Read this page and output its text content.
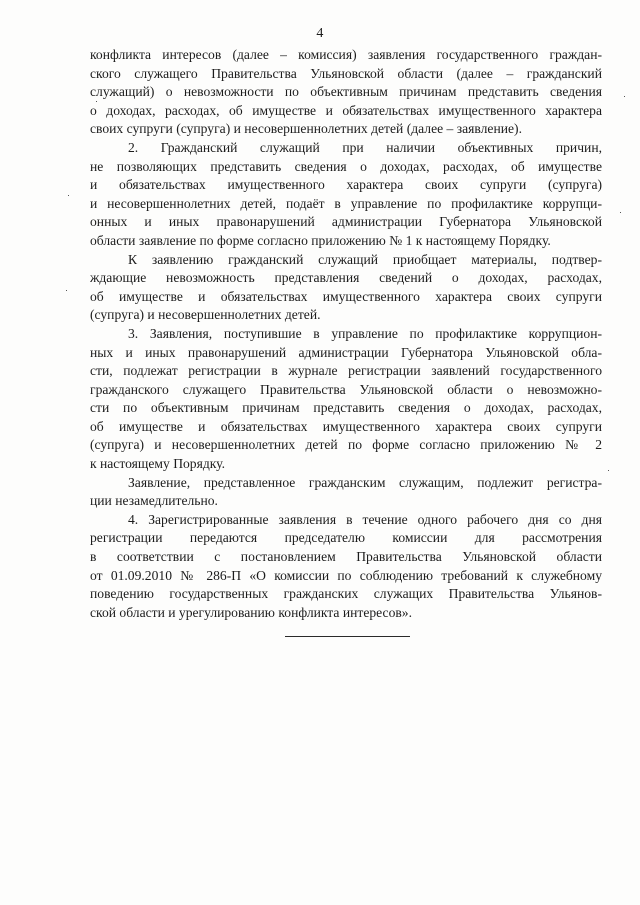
4
конфликта интересов (далее – комиссия) заявления государственного граждан-
ского служащего Правительства Ульяновской области (далее – гражданский
служащий) о невозможности по объективным причинам представить сведения
о доходах, расходах, об имуществе и обязательствах имущественного характера
своих супруги (супруга) и несовершеннолетних детей (далее – заявление).
2. Гражданский служащий при наличии объективных причин,
не позволяющих представить сведения о доходах, расходах, об имуществе
и обязательствах имущественного характера своих супруги (супруга)
и несовершеннолетних детей, подаёт в управление по профилактике коррупци-
онных и иных правонарушений администрации Губернатора Ульяновской
области заявление по форме согласно приложению № 1 к настоящему Порядку.
К заявлению гражданский служащий приобщает материалы, подтвер-
ждающие невозможность представления сведений о доходах, расходах,
об имуществе и обязательствах имущественного характера своих супруги
(супруга) и несовершеннолетних детей.
3. Заявления, поступившие в управление по профилактике коррупцион-
ных и иных правонарушений администрации Губернатора Ульяновской обла-
сти, подлежат регистрации в журнале регистрации заявлений государственного
гражданского служащего Правительства Ульяновской области о невозможно-
сти по объективным причинам представить сведения о доходах, расходах,
об имуществе и обязательствах имущественного характера своих супруги
(супруга) и несовершеннолетних детей по форме согласно приложению № 2
к настоящему Порядку.
Заявление, представленное гражданским служащим, подлежит регистра-
ции незамедлительно.
4. Зарегистрированные заявления в течение одного рабочего дня со дня
регистрации передаются председателю комиссии для рассмотрения
в соответствии с постановлением Правительства Ульяновской области
от 01.09.2010 № 286-П «О комиссии по соблюдению требований к служебному
поведению государственных гражданских служащих Правительства Ульянов-
ской области и урегулированию конфликта интересов».
